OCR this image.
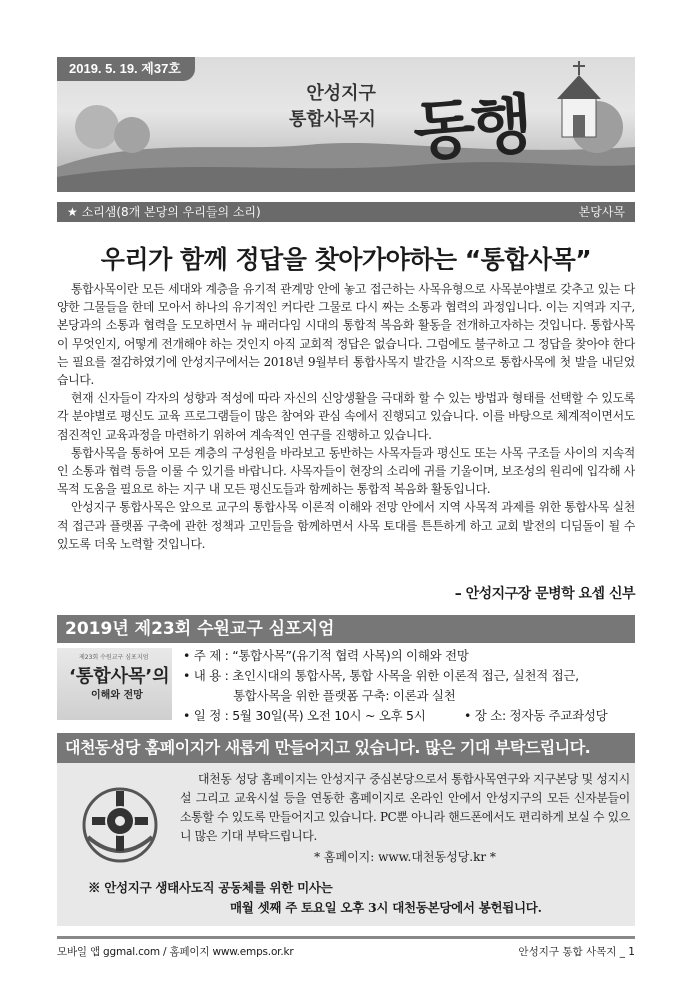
2019. 5. 19. 제37호
안성지구
통합사목지 동행
★ 소리샘(8개 본당의 우리들의 소리)	본당사목
우리가 함께 정답을 찾아가야하는 “통합사목”

통합사목이란 모든 세대와 계층을 유기적 관계망 안에 놓고 접근하는 사목유형으로 사목분야별로 갖추고 있는 다양한 그물들을 한데 모아서 하나의 유기적인 커다란 그물로 다시 짜는 소통과 협력의 과정입니다. 이는 지역과 지구, 본당과의 소통과 협력을 도모하면서 뉴 패러다임 시대의 통합적 복음화 활동을 전개하고자하는 것입니다. 통합사목이 무엇인지, 어떻게 전개해야 하는 것인지 아직 교회적 정답은 없습니다. 그럼에도 불구하고 그 정답을 찾아야 한다는 필요를 절감하였기에 안성지구에서는 2018년 9월부터 통합사목지 발간을 시작으로 통합사목에 첫 발을 내딛었습니다.

현재 신자들이 각자의 성향과 적성에 따라 자신의 신앙생활을 극대화 할 수 있는 방법과 형태를 선택할 수 있도록 각 분야별로 평신도 교육 프로그램들이 많은 참여와 관심 속에서 진행되고 있습니다. 이를 바탕으로 체계적이면서도 점진적인 교육과정을 마련하기 위하여 계속적인 연구를 진행하고 있습니다.

통합사목을 통하여 모든 계층의 구성원을 바라보고 동반하는 사목자들과 평신도 또는 사목 구조들 사이의 지속적인 소통과 협력 등을 이룰 수 있기를 바랍니다. 사목자들이 현장의 소리에 귀를 기울이며, 보조성의 원리에 입각해 사목적 도움을 필요로 하는 지구 내 모든 평신도들과 함께하는 통합적 복음화 활동입니다.

안성지구 통합사목은 앞으로 교구의 통합사목 이론적 이해와 전망 안에서 지역 사목적 과제를 위한 통합사목 실천적 접근과 플랫폼 구축에 관한 정책과 고민들을 함께하면서 사목 토대를 튼튼하게 하고 교회 발전의 디딤돌이 될 수 있도록 더욱 노력할 것입니다.

– 안성지구장 문병학 요셉 신부
2019년 제23회 수원교구 심포지엄
제23회 수원교구 심포지엄
‘통합사목’의
이해와 전망
• 주 제 : “통합사목”(유기적 협력 사목)의 이해와 전망
• 내 용 : 초인시대의 통합사목, 통합 사목을 위한 이론적 접근, 실천적 접근,
통합사목을 위한 플랫폼 구축: 이론과 실천
• 일 정 : 5월 30일(목) 오전 10시 ~ 오후 5시	• 장 소: 정자동 주교좌성당
대천동성당 홈페이지가 새롭게 만들어지고 있습니다. 많은 기대 부탁드립니다.

대천동 성당 홈페이지는 안성지구 중심본당으로서 통합사목연구와 지구본당 및 성지시설 그리고 교육시설 등을 연동한 홈페이지로 온라인 안에서 안성지구의 모든 신자분들이 소통할 수 있도록 만들어지고 있습니다. PC뿐 아니라 핸드폰에서도 편리하게 보실 수 있으니 많은 기대 부탁드립니다.

* 홈페이지: www.대천동성당.kr *
※ 안성지구 생태사도직 공동체를 위한 미사는
매월 셋째 주 토요일 오후 3시 대천동본당에서 봉헌됩니다.
모바일 앱 ggmal.com / 홈페이지 www.emps.or.kr	안성지구 통합 사목지 _ 1
